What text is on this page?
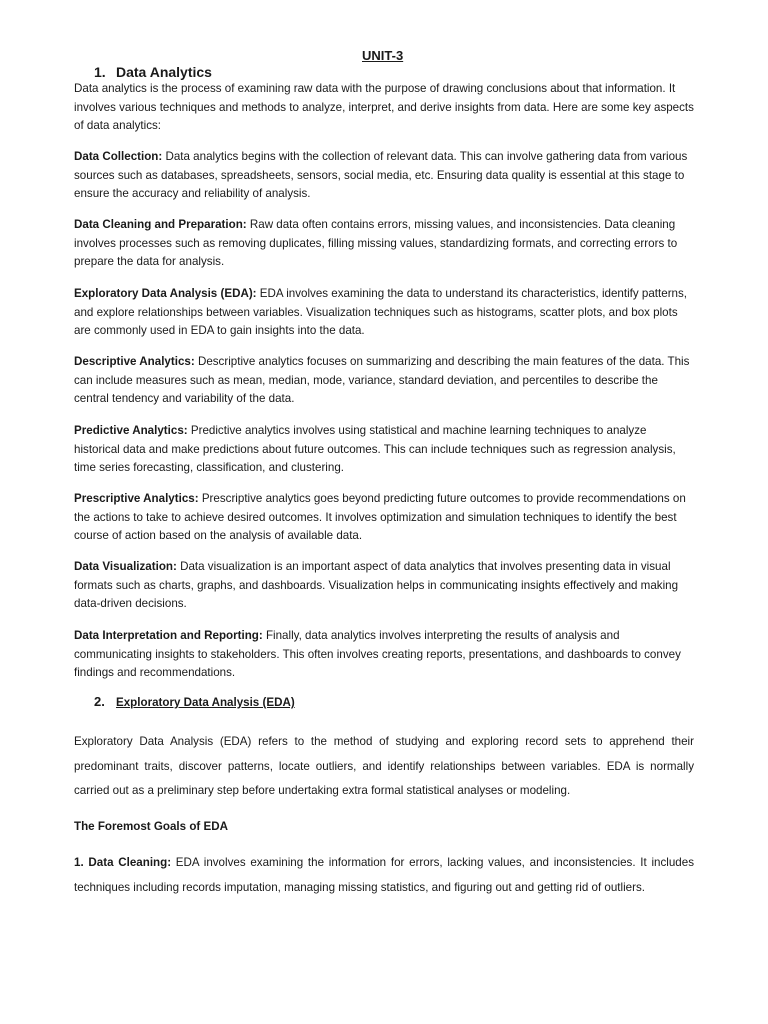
UNIT-3

1. Data Analytics

Data analytics is the process of examining raw data with the purpose of drawing conclusions about that information. It involves various techniques and methods to analyze, interpret, and derive insights from data. Here are some key aspects of data analytics:

Data Collection: Data analytics begins with the collection of relevant data. This can involve gathering data from various sources such as databases, spreadsheets, sensors, social media, etc. Ensuring data quality is essential at this stage to ensure the accuracy and reliability of analysis.

Data Cleaning and Preparation: Raw data often contains errors, missing values, and inconsistencies. Data cleaning involves processes such as removing duplicates, filling missing values, standardizing formats, and correcting errors to prepare the data for analysis.

Exploratory Data Analysis (EDA): EDA involves examining the data to understand its characteristics, identify patterns, and explore relationships between variables. Visualization techniques such as histograms, scatter plots, and box plots are commonly used in EDA to gain insights into the data.

Descriptive Analytics: Descriptive analytics focuses on summarizing and describing the main features of the data. This can include measures such as mean, median, mode, variance, standard deviation, and percentiles to describe the central tendency and variability of the data.

Predictive Analytics: Predictive analytics involves using statistical and machine learning techniques to analyze historical data and make predictions about future outcomes. This can include techniques such as regression analysis, time series forecasting, classification, and clustering.

Prescriptive Analytics: Prescriptive analytics goes beyond predicting future outcomes to provide recommendations on the actions to take to achieve desired outcomes. It involves optimization and simulation techniques to identify the best course of action based on the analysis of available data.

Data Visualization: Data visualization is an important aspect of data analytics that involves presenting data in visual formats such as charts, graphs, and dashboards. Visualization helps in communicating insights effectively and making data-driven decisions.

Data Interpretation and Reporting: Finally, data analytics involves interpreting the results of analysis and communicating insights to stakeholders. This often involves creating reports, presentations, and dashboards to convey findings and recommendations.

2. Exploratory Data Analysis (EDA)

Exploratory Data Analysis (EDA) refers to the method of studying and exploring record sets to apprehend their predominant traits, discover patterns, locate outliers, and identify relationships between variables. EDA is normally carried out as a preliminary step before undertaking extra formal statistical analyses or modeling.

The Foremost Goals of EDA

1. Data Cleaning: EDA involves examining the information for errors, lacking values, and inconsistencies. It includes techniques including records imputation, managing missing statistics, and figuring out and getting rid of outliers.
